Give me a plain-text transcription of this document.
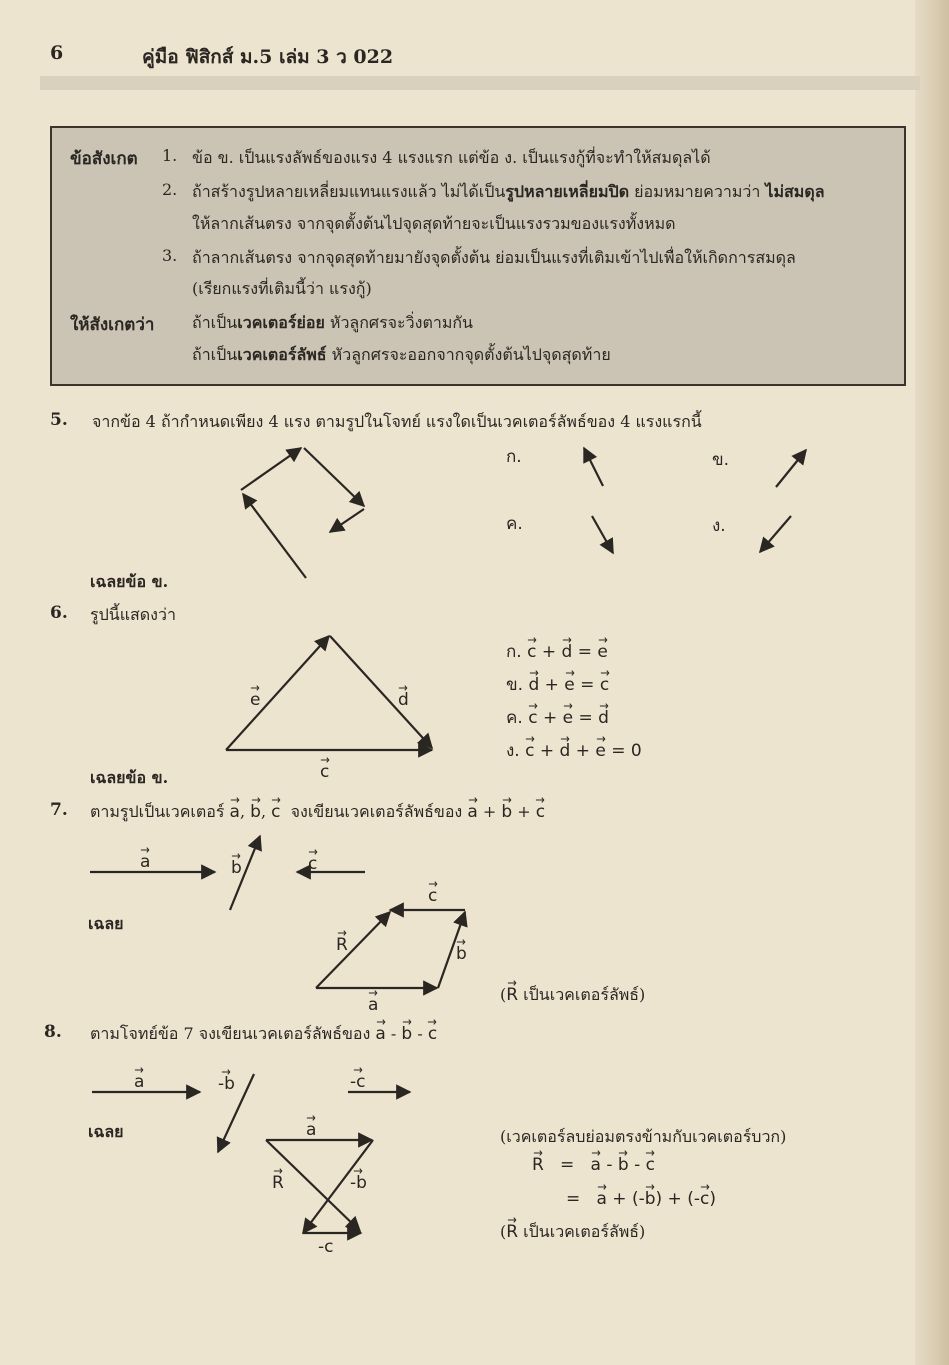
6	คู่มือ ฟิสิกส์ ม.5 เล่ม 3 ว 022
ข้อสังเกต 1. ข้อ ข. เป็นแรงลัพธ์ของแรง 4 แรงแรก แต่ข้อ ง. เป็นแรงกู้ที่จะทำให้สมดุลได้
2. ถ้าสร้างรูปหลายเหลี่ยมแทนแรงแล้ว ไม่ได้เป็นรูปหลายเหลี่ยมปิด ย่อมหมายความว่า ไม่สมดุล
ให้ลากเส้นตรง จากจุดตั้งต้นไปจุดสุดท้ายจะเป็นแรงรวมของแรงทั้งหมด
3. ถ้าลากเส้นตรง จากจุดสุดท้ายมายังจุดตั้งต้น ย่อมเป็นแรงที่เติมเข้าไปเพื่อให้เกิดการสมดุล
(เรียกแรงที่เติมนี้ว่า แรงกู้)
ให้สังเกตว่า ถ้าเป็นเวคเตอร์ย่อย หัวลูกศรจะวิ่งตามกัน
ถ้าเป็นเวคเตอร์ลัพธ์ หัวลูกศรจะออกจากจุดตั้งต้นไปจุดสุดท้าย
5. จากข้อ 4 ถ้ากำหนดเพียง 4 แรง ตามรูปในโจทย์ แรงใดเป็นเวคเตอร์ลัพธ์ของ 4 แรงแรกนี้
ก.	ข.
ค.	ง.
เฉลยข้อ ข.
6. รูปนี้แสดงว่า
→ e	→ d
→ c
ก. → c + → d = → e
ข. → d + → e = → c
ค. → c + → e = → d
ง. → c + → d + → e = 0
เฉลยข้อ ข.
7. ตามรูปเป็นเวคเตอร์ → a, → b, → c จงเขียนเวคเตอร์ลัพธ์ของ → a + → b + → c
→ a	→ b	→ c
เฉลย
→ c
→ R	→ b
→ a
(→ R เป็นเวคเตอร์ลัพธ์)
8. ตามโจทย์ข้อ 7 จงเขียนเวคเตอร์ลัพธ์ของ → a - → b - → c
→ a	→ -b	→ -c
เฉลย	→ a
→ R	→ -b
-c
(เวคเตอร์ลบย่อมตรงข้ามกับเวคเตอร์บวก)
→ R = → a - → b - → c
= → a + (-→ b) + (-→ c)
(→ R เป็นเวคเตอร์ลัพธ์)
